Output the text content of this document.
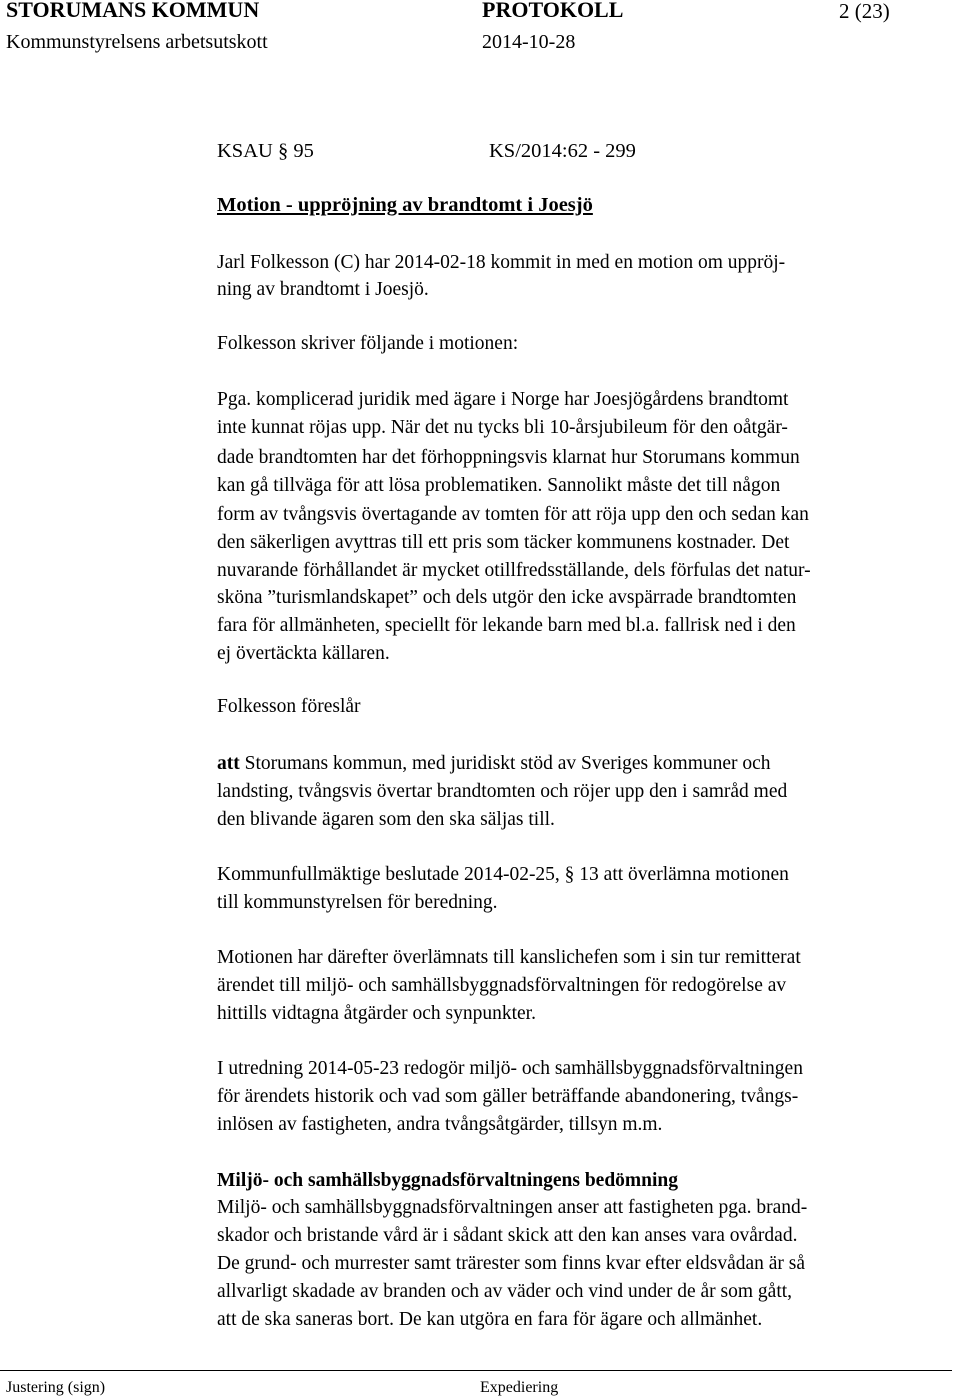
STORUMANS KOMMUN	PROTOKOLL	2 (23)
Kommunstyrelsens arbetsutskott	2014-10-28
KSAU § 95	KS/2014:62 - 299
Motion - uppröjning av brandtomt i Joesjö
Jarl Folkesson (C) har 2014-02-18 kommit in med en motion om uppröj-
ning av brandtomt i Joesjö.
Folkesson skriver följande i motionen:
Pga. komplicerad juridik med ägare i Norge har Joesjögårdens brandtomt
inte kunnat röjas upp. När det nu tycks bli 10-årsjubileum för den oåtgär-
dade brandtomten har det förhoppningsvis klarnat hur Storumans kommun
kan gå tillväga för att lösa problematiken. Sannolikt måste det till någon
form av tvångsvis övertagande av tomten för att röja upp den och sedan kan
den säkerligen avyttras till ett pris som täcker kommunens kostnader. Det
nuvarande förhållandet är mycket otillfredsställande, dels förfulas det natur-
sköna ”turismlandskapet” och dels utgör den icke avspärrade brandtomten
fara för allmänheten, speciellt för lekande barn med bl.a. fallrisk ned i den
ej övertäckta källaren.
Folkesson föreslår
att Storumans kommun, med juridiskt stöd av Sveriges kommuner och
landsting, tvångsvis övertar brandtomten och röjer upp den i samråd med
den blivande ägaren som den ska säljas till.
Kommunfullmäktige beslutade 2014-02-25, § 13 att överlämna motionen
till kommunstyrelsen för beredning.
Motionen har därefter överlämnats till kanslichefen som i sin tur remitterat
ärendet till miljö- och samhällsbyggnadsförvaltningen för redogörelse av
hittills vidtagna åtgärder och synpunkter.
I utredning 2014-05-23 redogör miljö- och samhällsbyggnadsförvaltningen
för ärendets historik och vad som gäller beträffande abandonering, tvångs-
inlösen av fastigheten, andra tvångsåtgärder, tillsyn m.m.
Miljö- och samhällsbyggnadsförvaltningens bedömning
Miljö- och samhällsbyggnadsförvaltningen anser att fastigheten pga. brand-
skador och bristande vård är i sådant skick att den kan anses vara ovårdad.
De grund- och murrester samt trärester som finns kvar efter eldsvådan är så
allvarligt skadade av branden och av väder och vind under de år som gått,
att de ska saneras bort. De kan utgöra en fara för ägare och allmänhet.
Justering (sign)	Expediering
